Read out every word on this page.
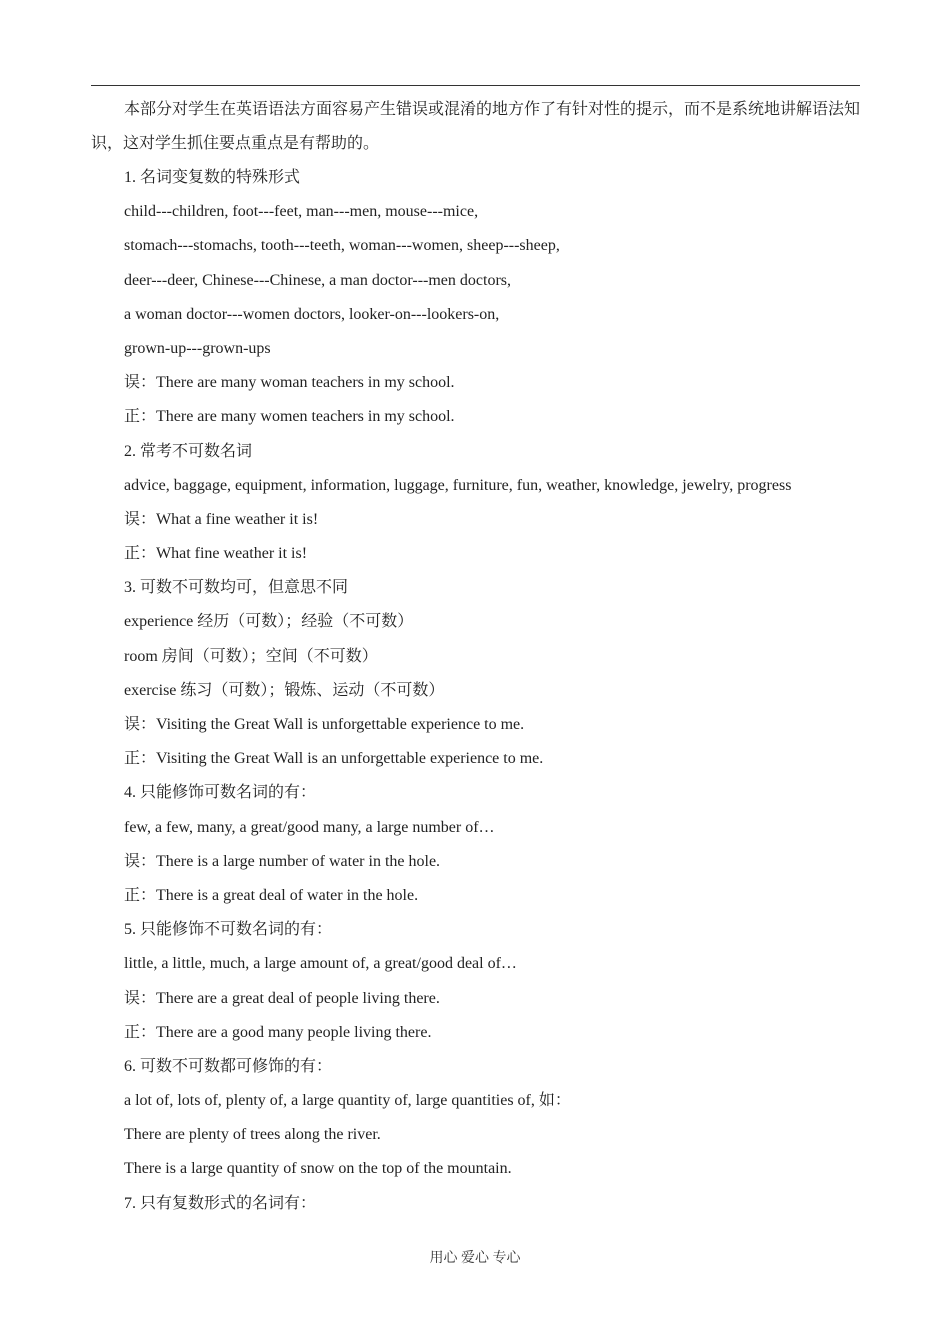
本部分对学生在英语语法方面容易产生错误或混淆的地方作了有针对性的提示，而不是系统地讲解语法知识，这对学生抓住要点重点是有帮助的。

1. 名词变复数的特殊形式
child---children, foot---feet, man---men, mouse---mice,
stomach---stomachs, tooth---teeth, woman---women, sheep---sheep,
deer---deer, Chinese---Chinese, a man doctor---men doctors,
a woman doctor---women doctors, looker-on---lookers-on,
grown-up---grown-ups
误：There are many woman teachers in my school.
正：There are many women teachers in my school.
2. 常考不可数名词
advice, baggage, equipment, information, luggage, furniture, fun, weather, knowledge, jewelry, progress
误：What a fine weather it is!
正：What fine weather it is!
3. 可数不可数均可，但意思不同
experience 经历（可数）；经验（不可数）
room 房间（可数）；空间（不可数）
exercise 练习（可数）；锻炼、运动（不可数）
误：Visiting the Great Wall is unforgettable experience to me.
正：Visiting the Great Wall is an unforgettable experience to me.
4. 只能修饰可数名词的有：
few, a few, many, a great/good many, a large number of…
误：There is a large number of water in the hole.
正：There is a great deal of water in the hole.
5. 只能修饰不可数名词的有：
little, a little, much, a large amount of, a great/good deal of…
误：There are a great deal of people living there.
正：There are a good many people living there.
6. 可数不可数都可修饰的有：
a lot of, lots of, plenty of, a large quantity of, large quantities of, 如：
There are plenty of trees along the river.
There is a large quantity of snow on the top of the mountain.
7. 只有复数形式的名词有：
用心 爱心 专心
